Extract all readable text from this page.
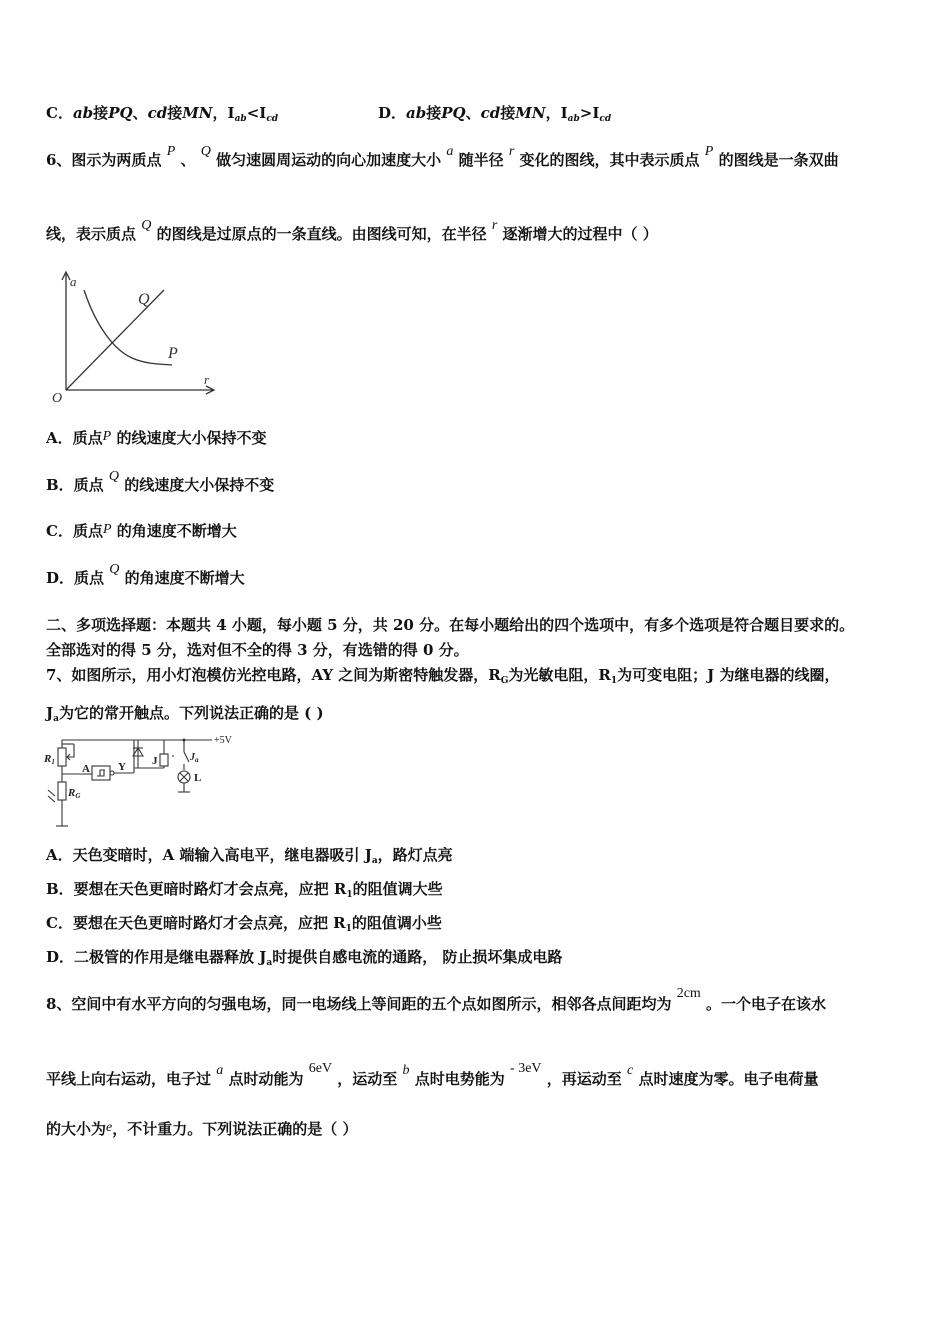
C．ab接PQ、cd接MN，$I_{ab}<I_{cd}$	D．ab接PQ、cd接MN，$I_{ab}>I_{cd}$
6、图示为两质点 P 、 Q 做匀速圆周运动的向心加速度大小 a 随半径 r 变化的图线，其中表示质点 P 的图线是一条双曲
线，表示质点 Q 的图线是过原点的一条直线。由图线可知，在半径 r 逐渐增大的过程中（ ）
a
Q
P
r
O
A．质点P 的线速度大小保持不变
B．质点 Q 的线速度大小保持不变
C．质点P 的角速度不断增大
D．质点 Q 的角速度不断增大
二、多项选择题：本题共 4 小题，每小题 5 分，共 20 分。在每小题给出的四个选项中，有多个选项是符合题目要求的。
全部选对的得 5 分，选对但不全的得 3 分，有选错的得 0 分。
7、如图所示，用小灯泡模仿光控电路，AY 之间为斯密特触发器，$R_G$为光敏电阻，$R_1$为可变电阻；J 为继电器的线圈，
$J_a$为它的常开触点。下列说法正确的是 ( )
R1
A	Y J	$J_a$
+5V
L
RG
A．天色变暗时，A 端输入高电平，继电器吸引 $J_a$，路灯点亮
B．要想在天色更暗时路灯才会点亮，应把 $R_1$的阻值调大些
C．要想在天色更暗时路灯才会点亮，应把 $R_1$的阻值调小些
D．二极管的作用是继电器释放 $J_a$时提供自感电流的通路， 防止损坏集成电路
8、空间中有水平方向的匀强电场，同一电场线上等间距的五个点如图所示，相邻各点间距均为 2cm 。一个电子在该水
平线上向右运动，电子过 a 点时动能为 6eV ，运动至 b 点时电势能为 - 3eV ，再运动至 c 点时速度为零。电子电荷量
的大小为e，不计重力。下列说法正确的是（ ）
